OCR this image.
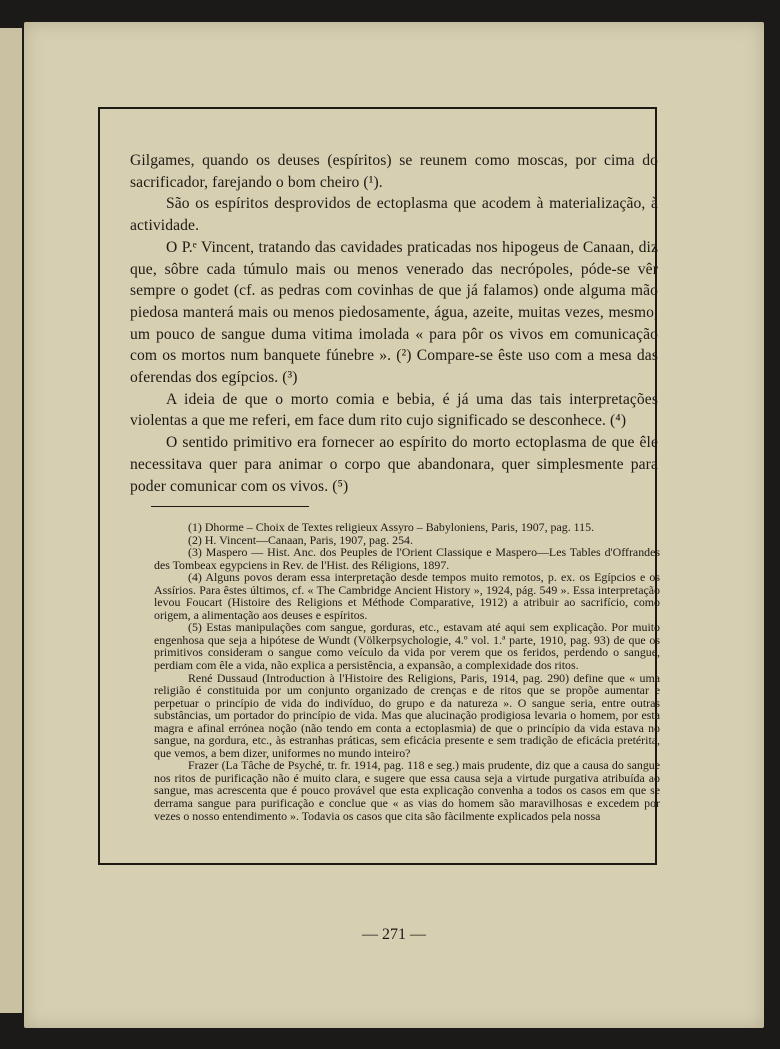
Gilgames, quando os deuses (espíritos) se reunem como moscas, por cima do sacrificador, farejando o bom cheiro (¹).

São os espíritos desprovidos de ectoplasma que acodem à materialização, à actividade.

O P.ᵉ Vincent, tratando das cavidades praticadas nos hipogeus de Canaan, diz que, sôbre cada túmulo mais ou menos venerado das necrópoles, póde-se vêr sempre o godet (cf. as pedras com covinhas de que já falamos) onde alguma mão piedosa manterá mais ou menos piedosamente, água, azeite, muitas vezes, mesmo, um pouco de sangue duma vitima imolada « para pôr os vivos em comunicação com os mortos num banquete fúnebre ». (²) Compare-se êste uso com a mesa das oferendas dos egípcios. (³)

A ideia de que o morto comia e bebia, é já uma das tais interpretações violentas a que me referi, em face dum rito cujo significado se desconhece. (⁴)

O sentido primitivo era fornecer ao espírito do morto ectoplasma de que êle necessitava quer para animar o corpo que abandonara, quer simplesmente para poder comunicar com os vivos. (⁵)

(1) Dhorme – Choix de Textes religieux Assyro – Babyloniens, Paris, 1907, pag. 115.

(2) H. Vincent—Canaan, Paris, 1907, pag. 254.

(3) Maspero — Hist. Anc. dos Peuples de l'Orient Classique e Maspero—Les Tables d'Offrandes des Tombeax egypciens in Rev. de l'Hist. des Réligions, 1897.

(4) Alguns povos deram essa interpretação desde tempos muito remotos, p. ex. os Egípcios e os Assírios. Para êstes últimos, cf. « The Cambridge Ancient History », 1924, pág. 549 ». Essa interpretação levou Foucart (Histoire des Religions et Méthode Comparative, 1912) a atribuir ao sacrifício, como origem, a alimentação aos deuses e espíritos.

(5) Estas manipulações com sangue, gorduras, etc., estavam até aqui sem explicação. Por muito engenhosa que seja a hipótese de Wundt (Völkerpsychologie, 4.º vol. 1.ª parte, 1910, pag. 93) de que os primitivos consideram o sangue como veículo da vida por verem que os feridos, perdendo o sangue, perdiam com êle a vida, não explica a persistência, a expansão, a complexidade dos ritos.

René Dussaud (Introduction à l'Histoire des Religions, Paris, 1914, pag. 290) define que « uma religião é constituida por um conjunto organizado de crenças e de ritos que se propõe aumentar e perpetuar o princípio de vida do indivíduo, do grupo e da natureza ». O sangue seria, entre outras substâncias, um portador do princípio de vida. Mas que alucinação prodigiosa levaria o homem, por esta magra e afinal errónea noção (não tendo em conta a ectoplasmia) de que o princípio da vida estava no sangue, na gordura, etc., às estranhas práticas, sem eficácia presente e sem tradição de eficácia pretérita, que vemos, a bem dizer, uniformes no mundo inteiro?

Frazer (La Tâche de Psyché, tr. fr. 1914, pag. 118 e seg.) mais prudente, diz que a causa do sangue nos ritos de purificação não é muito clara, e sugere que essa causa seja a virtude purgativa atribuída ao sangue, mas acrescenta que é pouco provável que esta explicação convenha a todos os casos em que se derrama sangue para purificação e conclue que « as vias do homem são maravilhosas e excedem por vezes o nosso entendimento ». Todavia os casos que cita são fàcilmente explicados pela nossa

— 271 —
